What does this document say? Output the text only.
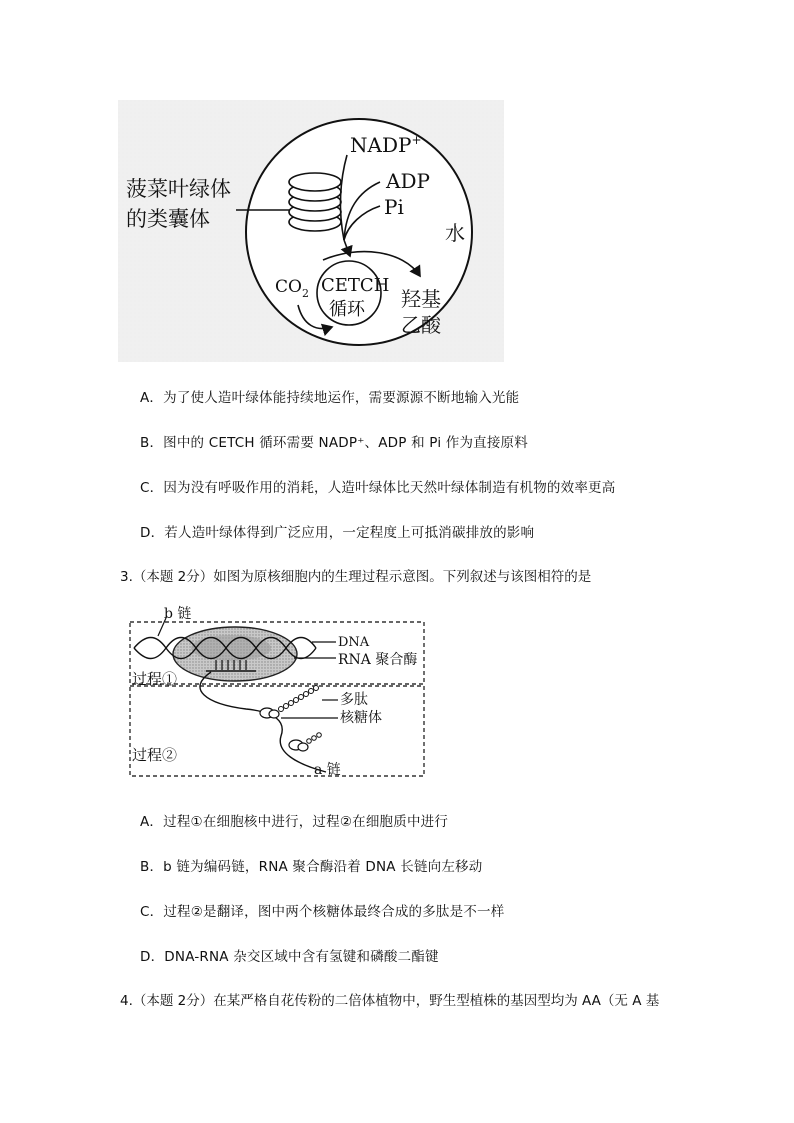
菠菜叶绿体
的类囊体
NADP+
ADP
Pi
水
$CO_2$ CETCH
循环 羟基
乙酸
A．为了使人造叶绿体能持续地运作，需要源源不断地输入光能
B．图中的 CETCH 循环需要 NADP⁺、ADP 和 Pi 作为直接原料
C．因为没有呼吸作用的消耗，人造叶绿体比天然叶绿体制造有机物的效率更高
D．若人造叶绿体得到广泛应用，一定程度上可抵消碳排放的影响
3.（本题 2分）如图为原核细胞内的生理过程示意图。下列叙述与该图相符的是
b 链
DNA
RNA 聚合酶
过程①
多肽
核糖体
过程②
a 链
A．过程①在细胞核中进行，过程②在细胞质中进行
B．b 链为编码链，RNA 聚合酶沿着 DNA 长链向左移动
C．过程②是翻译，图中两个核糖体最终合成的多肽是不一样
D．DNA-RNA 杂交区域中含有氢键和磷酸二酯键
4.（本题 2分）在某严格自花传粉的二倍体植物中，野生型植株的基因型均为 AA（无 A 基
